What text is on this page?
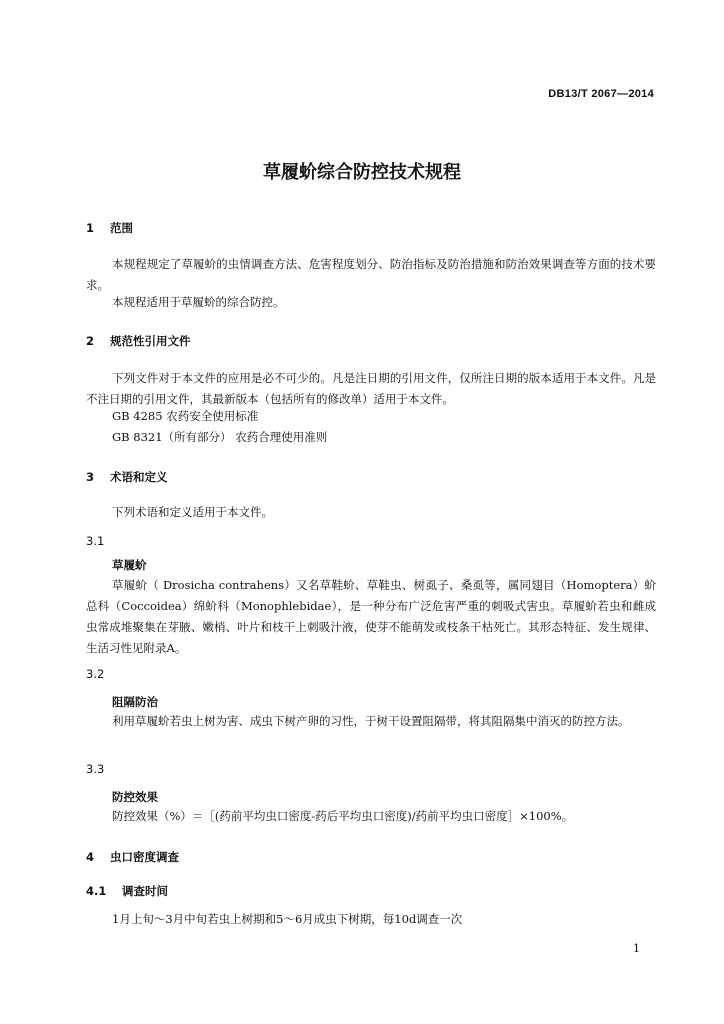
DB13/T 2067—2014
草履蚧综合防控技术规程
1 范围
本规程规定了草履蚧的虫情调查方法、危害程度划分、防治指标及防治措施和防治效果调查等方面的技术要求。
本规程适用于草履蚧的综合防控。
2 规范性引用文件
下列文件对于本文件的应用是必不可少的。凡是注日期的引用文件，仅所注日期的版本适用于本文件。凡是不注日期的引用文件，其最新版本（包括所有的修改单）适用于本文件。
GB 4285 农药安全使用标准
GB 8321（所有部分） 农药合理使用准则
3 术语和定义
下列术语和定义适用于本文件。
3.1
草履蚧
草履蚧（ Drosicha contrahens）又名草鞋蚧、草鞋虫、树虱子、桑虱等，属同翅目（Homoptera）蚧总科（Coccoidea）绵蚧科（Monophlebidae），是一种分布广泛危害严重的刺吸式害虫。草履蚧若虫和雌成虫常成堆聚集在芽腋、嫩梢、叶片和枝干上刺吸汁液，使芽不能萌发或枝条干枯死亡。其形态特征、发生规律、生活习性见附录A。
3.2
阻隔防治
利用草履蚧若虫上树为害、成虫下树产卵的习性，于树干设置阻隔带，将其阻隔集中消灭的防控方法。
3.3
防控效果
防控效果（%）＝［(药前平均虫口密度-药后平均虫口密度)/药前平均虫口密度］×100%。
4 虫口密度调查
4.1 调查时间
1月上旬～3月中旬若虫上树期和5～6月成虫下树期，每10d调查一次
1
